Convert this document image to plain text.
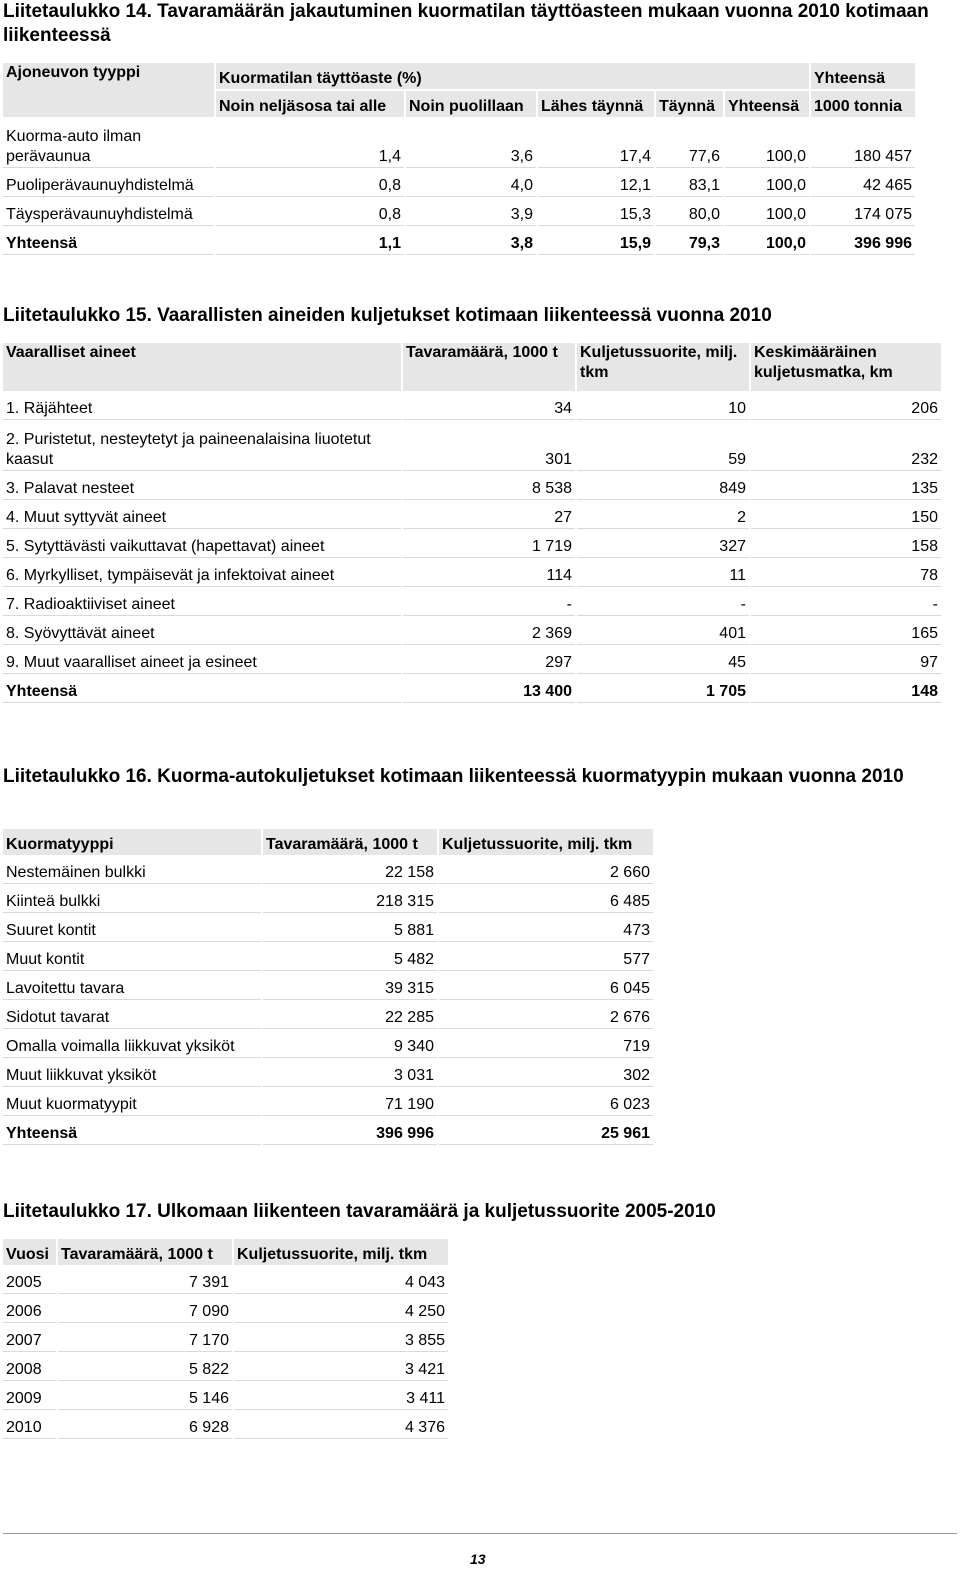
Liitetaulukko 14. Tavaramäärän jakautuminen kuormatilan täyttöasteen mukaan vuonna 2010 kotimaan liikenteessä
Ajoneuvon tyyppi	Kuormatilan täyttöaste (%)					Yhteensä
	Noin neljäsosa tai alle	Noin puolillaan	Lähes täynnä	Täynnä	Yhteensä	1000 tonnia
Kuorma-auto ilman perävaunua	1,4	3,6	17,4	77,6	100,0	180 457
Puoliperävaunuyhdistelmä	0,8	4,0	12,1	83,1	100,0	42 465
Täysperävaunuyhdistelmä	0,8	3,9	15,3	80,0	100,0	174 075
Yhteensä	1,1	3,8	15,9	79,3	100,0	396 996
Liitetaulukko 15. Vaarallisten aineiden kuljetukset kotimaan liikenteessä vuonna 2010
Vaaralliset aineet	Tavaramäärä, 1000 t	Kuljetussuorite, milj. tkm	Keskimääräinen kuljetusmatka, km
1. Räjähteet	34	10	206
2. Puristetut, nesteytetyt ja paineenalaisina liuotetut kaasut	301	59	232
3. Palavat nesteet	8 538	849	135
4. Muut syttyvät aineet	27	2	150
5. Sytyttävästi vaikuttavat (hapettavat) aineet	1 719	327	158
6. Myrkylliset, tympäisevät ja infektoivat aineet	114	11	78
7. Radioaktiiviset aineet	-	-	-
8. Syövyttävät aineet	2 369	401	165
9. Muut vaaralliset aineet ja esineet	297	45	97
Yhteensä	13 400	1 705	148
Liitetaulukko 16. Kuorma-autokuljetukset kotimaan liikenteessä kuormatyypin mukaan vuonna 2010
Kuormatyyppi	Tavaramäärä, 1000 t	Kuljetussuorite, milj. tkm
Nestemäinen bulkki	22 158	2 660
Kiinteä bulkki	218 315	6 485
Suuret kontit	5 881	473
Muut kontit	5 482	577
Lavoitettu tavara	39 315	6 045
Sidotut tavarat	22 285	2 676
Omalla voimalla liikkuvat yksiköt	9 340	719
Muut liikkuvat yksiköt	3 031	302
Muut kuormatyypit	71 190	6 023
Yhteensä	396 996	25 961
Liitetaulukko 17. Ulkomaan liikenteen tavaramäärä ja kuljetussuorite 2005-2010
Vuosi	Tavaramäärä, 1000 t	Kuljetussuorite, milj. tkm
2005	7 391	4 043
2006	7 090	4 250
2007	7 170	3 855
2008	5 822	3 421
2009	5 146	3 411
2010	6 928	4 376
13
